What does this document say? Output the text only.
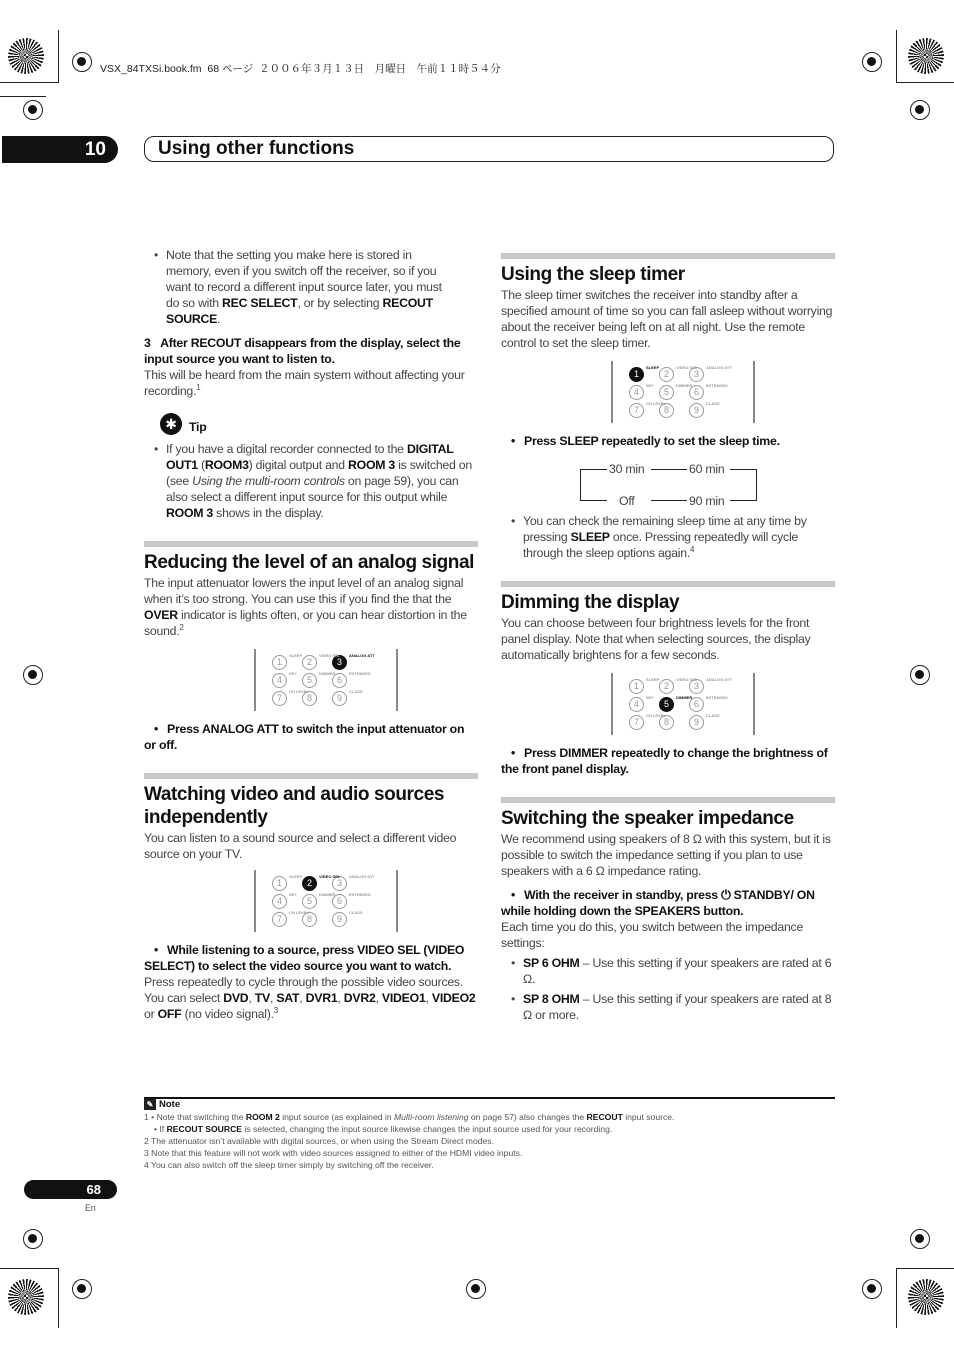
VSX_84TXSi.book.fm  68 ページ  ２００６年３月１３日　月曜日　午前１１時５４分
10	Using other functions
• Note that the setting you make here is stored in memory, even if you switch off the receiver, so if you want to record a different input source later, you must do so with REC SELECT, or by selecting RECOUT SOURCE.
3 After RECOUT disappears from the display, select the input source you want to listen to.
This will be heard from the main system without affecting your recording.$^1$
✱ Tip
• If you have a digital recorder connected to the DIGITAL OUT1 (ROOM3) digital output and ROOM 3 is switched on (see Using the multi-room controls on page 59), you can also select a different input source for this output while ROOM 3 shows in the display.
Reducing the level of an analog signal
The input attenuator lowers the input level of an analog signal when it’s too strong. You can use this if you find the that the OVER indicator is lights often, or you can hear distortion in the sound.$^2$
1	2	3
4	5	6
7	8	9
SLEEP	VIDEO SEL ANALOG ATT
SR+	DIMMER	EXTENDED
CH LEVEL	CLASS
• Press ANALOG ATT to switch the input attenuator on or off.
Watching video and audio sources independently
You can listen to a sound source and select a different video source on your TV.
1	2	3
4	5	6
7	8	9
SLEEP	VIDEO SEL ANALOG ATT
SR+	DIMMER	EXTENDED
CH LEVEL	CLASS
• While listening to a source, press VIDEO SEL (VIDEO SELECT) to select the video source you want to watch.
Press repeatedly to cycle through the possible video sources. You can select DVD, TV, SAT, DVR1, DVR2, VIDEO1, VIDEO2 or OFF (no video signal).$^3$
Using the sleep timer
The sleep timer switches the receiver into standby after a specified amount of time so you can fall asleep without worrying about the receiver being left on at all night. Use the remote control to set the sleep timer.
1	2	3
4	5	6
7	8	9
SLEEP	VIDEO SEL ANALOG ATT
SR+	DIMMER	EXTENDED
CH LEVEL	CLASS
• Press SLEEP repeatedly to set the sleep time.
30 min	60 min
Off	90 min
• You can check the remaining sleep time at any time by pressing SLEEP once. Pressing repeatedly will cycle through the sleep options again.$^4$
Dimming the display
You can choose between four brightness levels for the front panel display. Note that when selecting sources, the display automatically brightens for a few seconds.
1	2	3
4	5	6
7	8	9
SLEEP	VIDEO SEL ANALOG ATT
SR+	DIMMER	EXTENDED
CH LEVEL	CLASS
• Press DIMMER repeatedly to change the brightness of the front panel display.
Switching the speaker impedance
We recommend using speakers of 8 Ω with this system, but it is possible to switch the impedance setting if you plan to use speakers with a 6 Ω impedance rating.
• With the receiver in standby, press ⏻ STANDBY/ ON while holding down the SPEAKERS button.
Each time you do this, you switch between the impedance settings:
• SP 6 OHM – Use this setting if your speakers are rated at 6 Ω.
• SP 8 OHM – Use this setting if your speakers are rated at 8 Ω or more.
✎ Note
1 • Note that switching the ROOM 2 input source (as explained in Multi-room listening on page 57) also changes the RECOUT input source.
• If RECOUT SOURCE is selected, changing the input source likewise changes the input source used for your recording.
2 The attenuator isn’t available with digital sources, or when using the Stream Direct modes.
3 Note that this feature will not work with video sources assigned to either of the HDMI video inputs.
4 You can also switch off the sleep timer simply by switching off the receiver.
68
En
